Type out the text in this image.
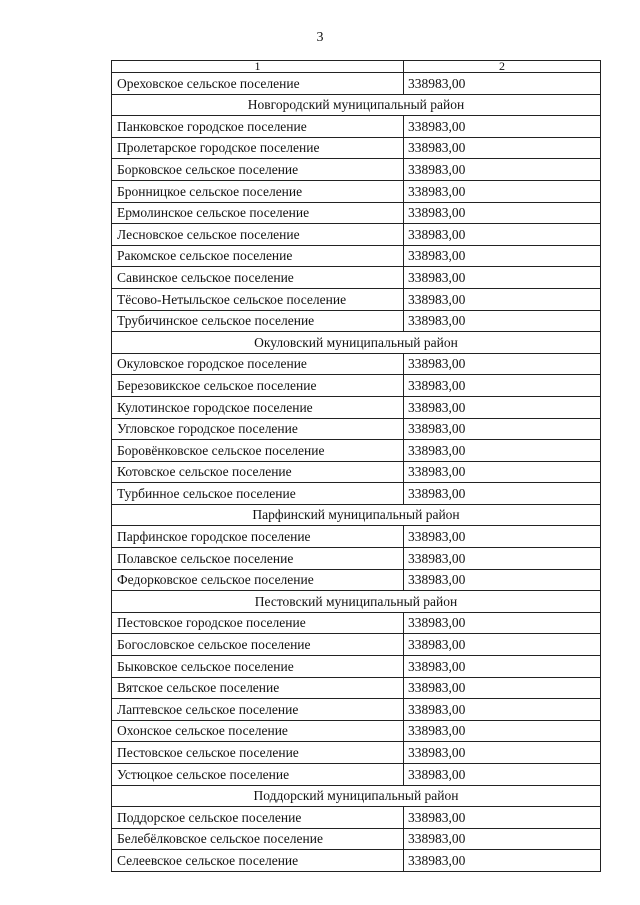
3
1	2
Ореховское сельское поселение	338983,00
Новгородский муниципальный район	
Панковское городское поселение	338983,00
Пролетарское городское поселение	338983,00
Борковское сельское поселение	338983,00
Бронницкое сельское поселение	338983,00
Ермолинское сельское поселение	338983,00
Лесновское сельское поселение	338983,00
Ракомское сельское поселение	338983,00
Савинское сельское поселение	338983,00
Тёсово-Нетыльское сельское поселение	338983,00
Трубичинское сельское поселение	338983,00
Окуловский муниципальный район	
Окуловское городское поселение	338983,00
Березовикское сельское поселение	338983,00
Кулотинское городское поселение	338983,00
Угловское городское поселение	338983,00
Боровёнковское сельское поселение	338983,00
Котовское сельское поселение	338983,00
Турбинное сельское поселение	338983,00
Парфинский муниципальный район	
Парфинское городское поселение	338983,00
Полавское сельское поселение	338983,00
Федорковское сельское поселение	338983,00
Пестовский муниципальный район	
Пестовское городское поселение	338983,00
Богословское сельское поселение	338983,00
Быковское сельское поселение	338983,00
Вятское сельское поселение	338983,00
Лаптевское сельское поселение	338983,00
Охонское сельское поселение	338983,00
Пестовское сельское поселение	338983,00
Устюцкое сельское поселение	338983,00
Поддорский муниципальный район	
Поддорское сельское поселение	338983,00
Белебёлковское сельское поселение	338983,00
Селеевское сельское поселение	338983,00
